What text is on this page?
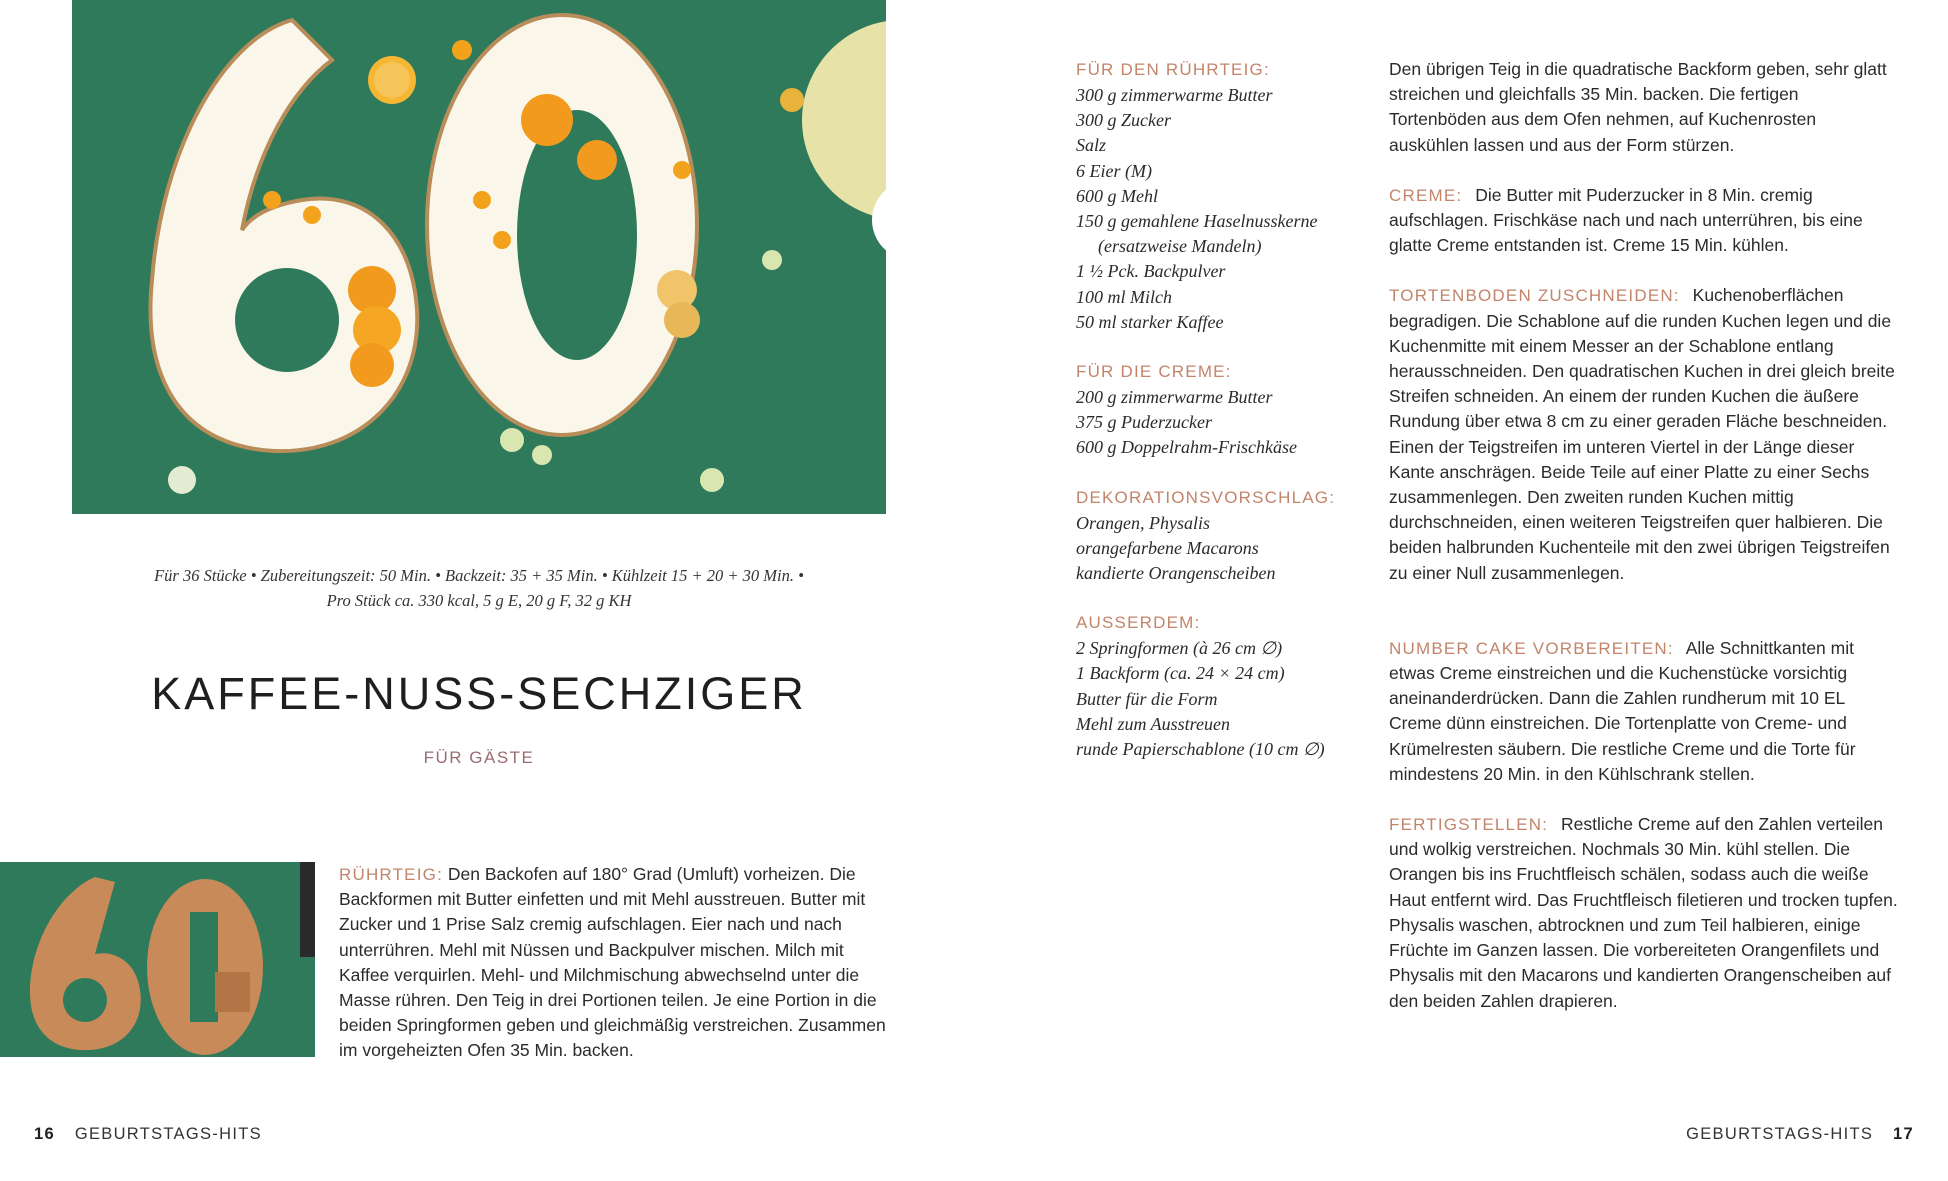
Für 36 Stücke • Zubereitungszeit: 50 Min. • Backzeit: 35 + 35 Min. • Kühlzeit 15 + 20 + 30 Min. •
Pro Stück ca. 330 kcal, 5 g E, 20 g F, 32 g KH
KAFFEE-NUSS-SECHZIGER
FÜR GÄSTE
RÜHRTEIG: Den Backofen auf 180° Grad (Umluft) vorheizen. Die Backformen mit Butter einfetten und mit Mehl ausstreuen. Butter mit Zucker und 1 Prise Salz cremig aufschlagen. Eier nach und nach unterrühren. Mehl mit Nüssen und Backpulver mischen. Milch mit Kaffee verquirlen. Mehl- und Milchmischung abwechselnd unter die Masse rühren. Den Teig in drei Portionen teilen. Je eine Portion in die beiden Springformen geben und gleichmäßig verstreichen. Zusammen im vorgeheizten Ofen 35 Min. backen.
FÜR DEN RÜHRTEIG:
300 g zimmerwarme Butter
300 g Zucker
Salz
6 Eier (M)
600 g Mehl
150 g gemahlene Haselnusskerne
(ersatzweise Mandeln)
1 ½ Pck. Backpulver
100 ml Milch
50 ml starker Kaffee
FÜR DIE CREME:
200 g zimmerwarme Butter
375 g Puderzucker
600 g Doppelrahm-Frischkäse
DEKORATIONSVORSCHLAG:
Orangen, Physalis
orangefarbene Macarons
kandierte Orangenscheiben
AUSSERDEM:
2 Springformen (à 26 cm ∅)
1 Backform (ca. 24 × 24 cm)
Butter für die Form
Mehl zum Ausstreuen
runde Papierschablone (10 cm ∅)
Den übrigen Teig in die quadratische Backform geben, sehr glatt streichen und gleichfalls 35 Min. backen. Die fertigen Tortenböden aus dem Ofen nehmen, auf Kuchenrosten auskühlen lassen und aus der Form stürzen.
CREME: Die Butter mit Puderzucker in 8 Min. cremig aufschlagen. Frischkäse nach und nach unterrühren, bis eine glatte Creme entstanden ist. Creme 15 Min. kühlen.
TORTENBODEN ZUSCHNEIDEN: Kuchenoberflächen begradigen. Die Schablone auf die runden Kuchen legen und die Kuchenmitte mit einem Messer an der Schablone entlang herausschneiden. Den quadratischen Kuchen in drei gleich breite Streifen schneiden. An einem der runden Kuchen die äußere Rundung über etwa 8 cm zu einer geraden Fläche beschneiden. Einen der Teigstreifen im unteren Viertel in der Länge dieser Kante anschrägen. Beide Teile auf einer Platte zu einer Sechs zusammenlegen. Den zweiten runden Kuchen mittig durchschneiden, einen weiteren Teigstreifen quer halbieren. Die beiden halbrunden Kuchenteile mit den zwei übrigen Teigstreifen zu einer Null zusammenlegen.
NUMBER CAKE VORBEREITEN: Alle Schnittkanten mit etwas Creme einstreichen und die Kuchenstücke vorsichtig aneinanderdrücken. Dann die Zahlen rundherum mit 10 EL Creme dünn einstreichen. Die Tortenplatte von Creme- und Krümelresten säubern. Die restliche Creme und die Torte für mindestens 20 Min. in den Kühlschrank stellen.
FERTIGSTELLEN: Restliche Creme auf den Zahlen verteilen und wolkig verstreichen. Nochmals 30 Min. kühl stellen. Die Orangen bis ins Fruchtfleisch schälen, sodass auch die weiße Haut entfernt wird. Das Fruchtfleisch filetieren und trocken tupfen. Physalis waschen, abtrocknen und zum Teil halbieren, einige Früchte im Ganzen lassen. Die vorbereiteten Orangenfilets und Physalis mit den Macarons und kandierten Orangenscheiben auf den beiden Zahlen drapieren.
16 GEBURTSTAGS-HITS	GEBURTSTAGS-HITS 17
